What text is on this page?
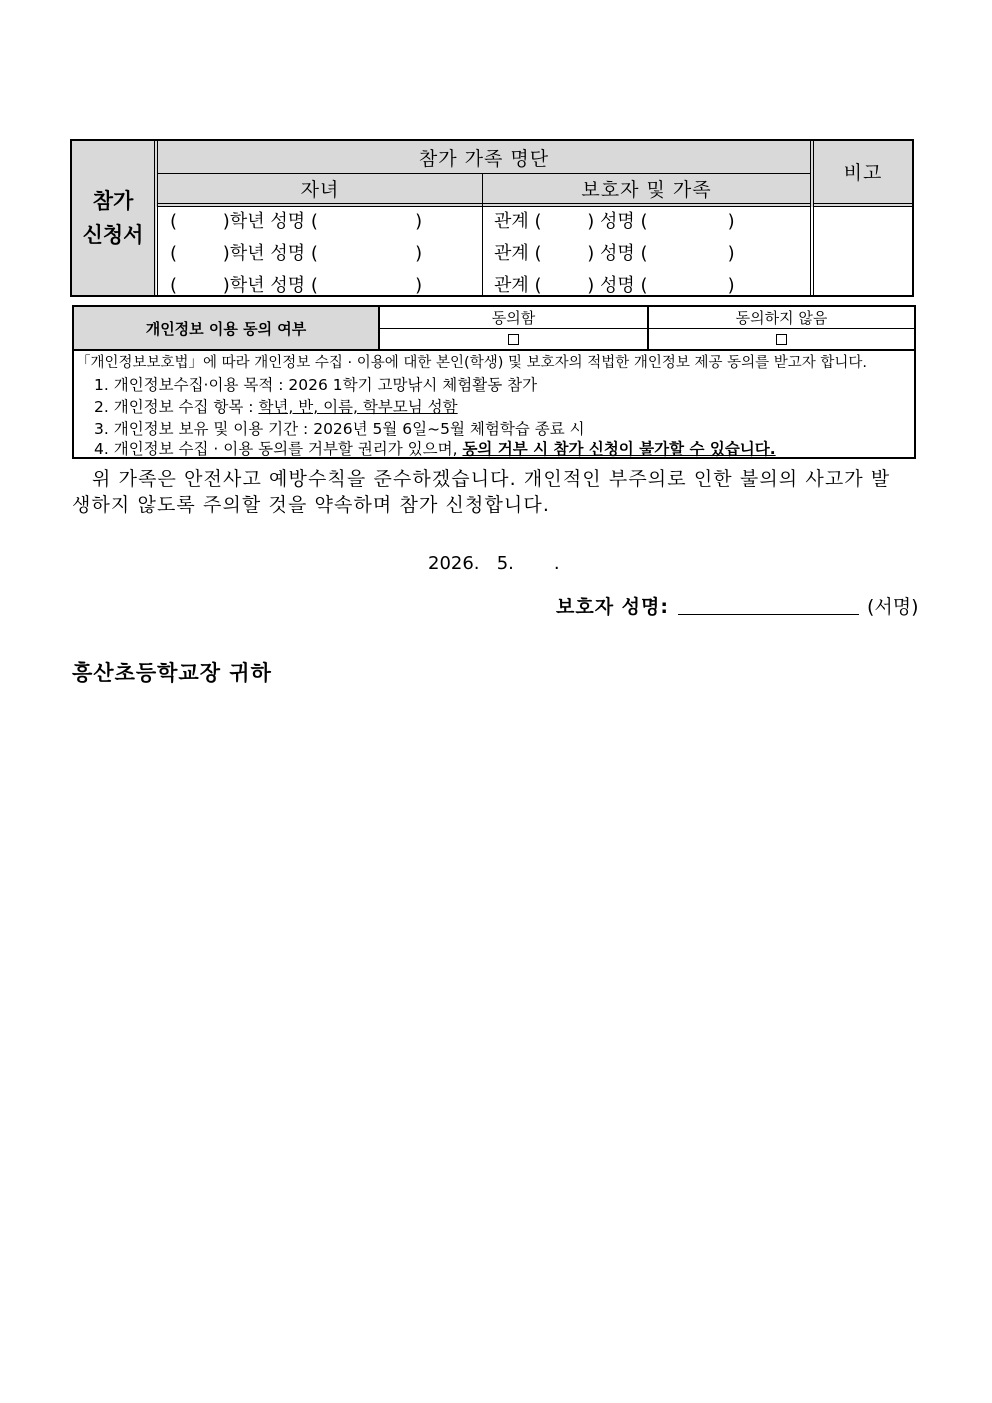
참가
신청서
참가 가족 명단
비고
자녀	보호자 및 가족
(        )학년 성명 (                 )	관계 (        ) 성명 (              )
(        )학년 성명 (                 )	관계 (        ) 성명 (              )
(        )학년 성명 (                 )	관계 (        ) 성명 (              )
개인정보 이용 동의 여부
동의함	동의하지 않음
「개인정보보호법」에 따라 개인정보 수집 · 이용에 대한 본인(학생) 및 보호자의 적법한 개인정보 제공 동의를 받고자 합니다.
1. 개인정보수집·이용 목적 : 2026 1학기 고망낚시 체험활동 참가
2. 개인정보 수집 항목 : 학년, 반, 이름, 학부모님 성함
3. 개인정보 보유 및 이용 기간 : 2026년 5월 6일~5월 체험학습 종료 시
4. 개인정보 수집 · 이용 동의를 거부할 권리가 있으며, 동의 거부 시 참가 신청이 불가할 수 있습니다.
위 가족은 안전사고 예방수칙을 준수하겠습니다. 개인적인 부주의로 인한 불의의 사고가 발
생하지 않도록 주의할 것을 약속하며 참가 신청합니다.
2026.   5.       .
보호자 성명:	(서명)
흥산초등학교장 귀하
